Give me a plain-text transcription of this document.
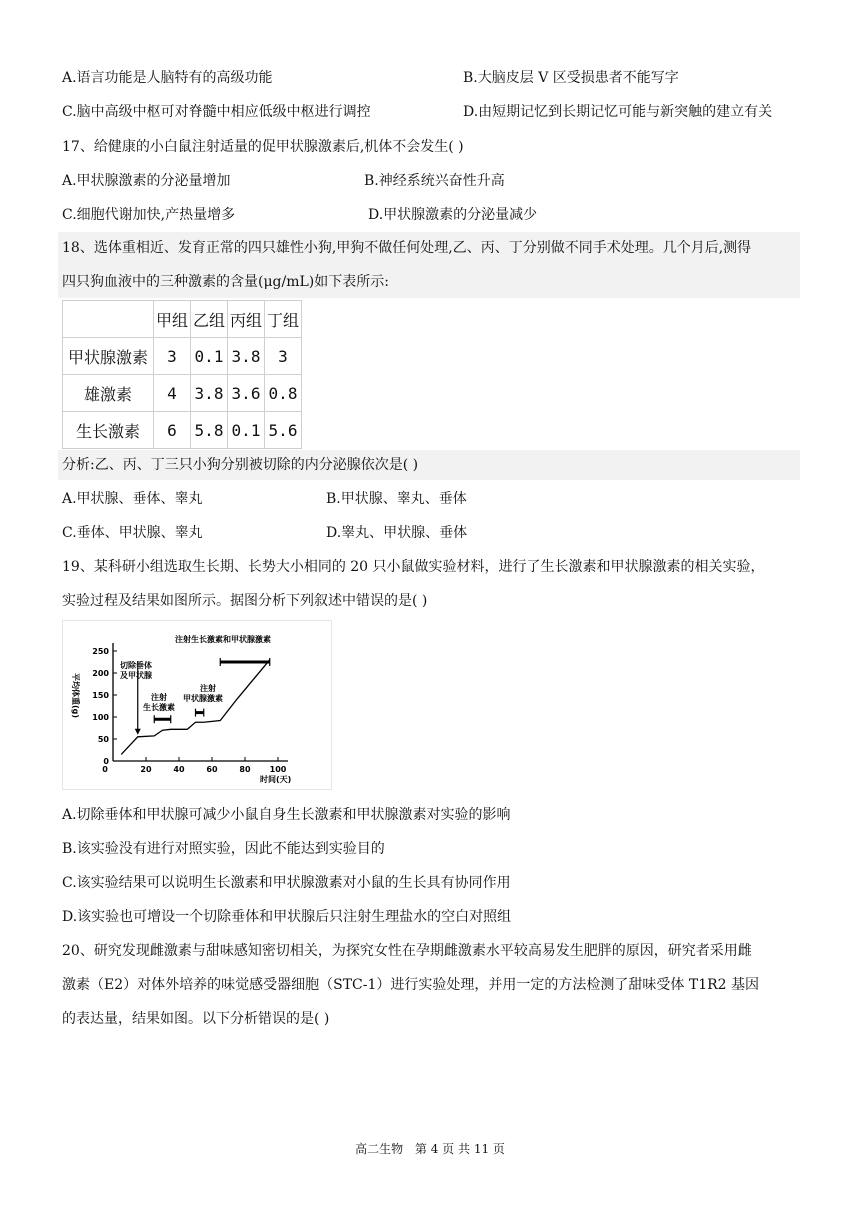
A.语言功能是人脑特有的高级功能	B.大脑皮层 V 区受损患者不能写字
C.脑中高级中枢可对脊髓中相应低级中枢进行调控	D.由短期记忆到长期记忆可能与新突触的建立有关
17、给健康的小白鼠注射适量的促甲状腺激素后,机体不会发生( )
A.甲状腺激素的分泌量增加	B.神经系统兴奋性升高
C.细胞代谢加快,产热量增多	D.甲状腺激素的分泌量减少
18、选体重相近、发育正常的四只雄性小狗,甲狗不做任何处理,乙、丙、丁分别做不同手术处理。几个月后,测得
四只狗血液中的三种激素的含量(μg/mL)如下表所示:
	甲组	乙组	丙组	丁组
甲状腺激素	3	0.1	3.8	3
雄激素	4	3.8	3.6	0.8
生长激素	6	5.8	0.1	5.6
分析:乙、丙、丁三只小狗分别被切除的内分泌腺依次是( )
A.甲状腺、垂体、睾丸	B.甲状腺、睾丸、垂体
C.垂体、甲状腺、睾丸	D.睾丸、甲状腺、垂体
19、某科研小组选取生长期、长势大小相同的 20 只小鼠做实验材料，进行了生长激素和甲状腺激素的相关实验，
实验过程及结果如图所示。据图分析下列叙述中错误的是( )
0
50
100
150
200
250
0	20	40	60	80 100
平均体重(g)
时间(天)
切除垂体
及甲状腺
注射
生长激素
注射
甲状腺激素
注射生长激素和甲状腺激素
A.切除垂体和甲状腺可减少小鼠自身生长激素和甲状腺激素对实验的影响
B.该实验没有进行对照实验，因此不能达到实验目的
C.该实验结果可以说明生长激素和甲状腺激素对小鼠的生长具有协同作用
D.该实验也可增设一个切除垂体和甲状腺后只注射生理盐水的空白对照组
20、研究发现雌激素与甜味感知密切相关，为探究女性在孕期雌激素水平较高易发生肥胖的原因，研究者采用雌
激素（E2）对体外培养的味觉感受器细胞（STC-1）进行实验处理，并用一定的方法检测了甜味受体 T1R2 基因
的表达量，结果如图。以下分析错误的是( )
高二生物 第 4 页 共 11 页
